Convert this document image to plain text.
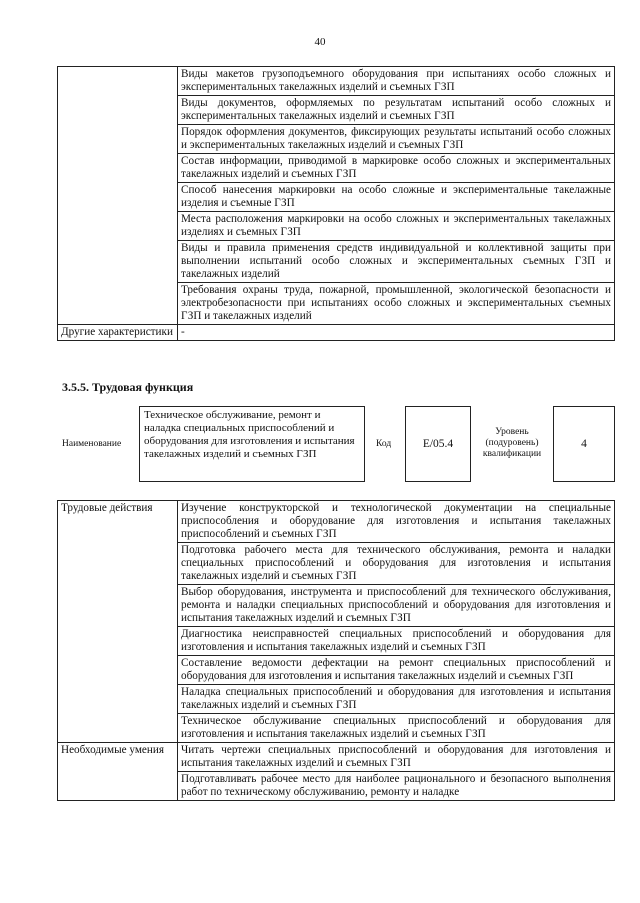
40
	Виды макетов грузоподъемного оборудования при испытаниях особо сложных и экспериментальных такелажных изделий и съемных ГЗП
	Виды документов, оформляемых по результатам испытаний особо сложных и экспериментальных такелажных изделий и съемных ГЗП
	Порядок оформления документов, фиксирующих результаты испытаний особо сложных и экспериментальных такелажных изделий и съемных ГЗП
	Состав информации, приводимой в маркировке особо сложных и экспериментальных такелажных изделий и съемных ГЗП
	Способ нанесения маркировки на особо сложные и экспериментальные такелажные изделия и съемные ГЗП
	Места расположения маркировки на особо сложных и экспериментальных такелажных изделиях и съемных ГЗП
	Виды и правила применения средств индивидуальной и коллективной защиты при выполнении испытаний особо сложных и экспериментальных съемных ГЗП и такелажных изделий
	Требования охраны труда, пожарной, промышленной, экологической безопасности и электробезопасности при испытаниях особо сложных и экспериментальных съемных ГЗП и такелажных изделий
Другие характеристики	-
3.5.5. Трудовая функция
Наименование
Техническое обслуживание, ремонт и наладка специальных приспособлений и оборудования для изготовления и испытания такелажных изделий и съемных ГЗП
Код	E/05.4
Уровень (подуровень) квалификации
4
Трудовые действия	Изучение конструкторской и технологической документации на специальные приспособления и оборудование для изготовления и испытания такелажных приспособлений и съемных ГЗП
	Подготовка рабочего места для технического обслуживания, ремонта и наладки специальных приспособлений и оборудования для изготовления и испытания такелажных изделий и съемных ГЗП
	Выбор оборудования, инструмента и приспособлений для технического обслуживания, ремонта и наладки специальных приспособлений и оборудования для изготовления и испытания такелажных изделий и съемных ГЗП
	Диагностика неисправностей специальных приспособлений и оборудования для изготовления и испытания такелажных изделий и съемных ГЗП
	Составление ведомости дефектации на ремонт специальных приспособлений и оборудования для изготовления и испытания такелажных изделий и съемных ГЗП
	Наладка специальных приспособлений и оборудования для изготовления и испытания такелажных изделий и съемных ГЗП
	Техническое обслуживание специальных приспособлений и оборудования для изготовления и испытания такелажных изделий и съемных ГЗП
Необходимые умения	Читать чертежи специальных приспособлений и оборудования для изготовления и испытания такелажных изделий и съемных ГЗП
	Подготавливать рабочее место для наиболее рационального и безопасного выполнения работ по техническому обслуживанию, ремонту и наладке
